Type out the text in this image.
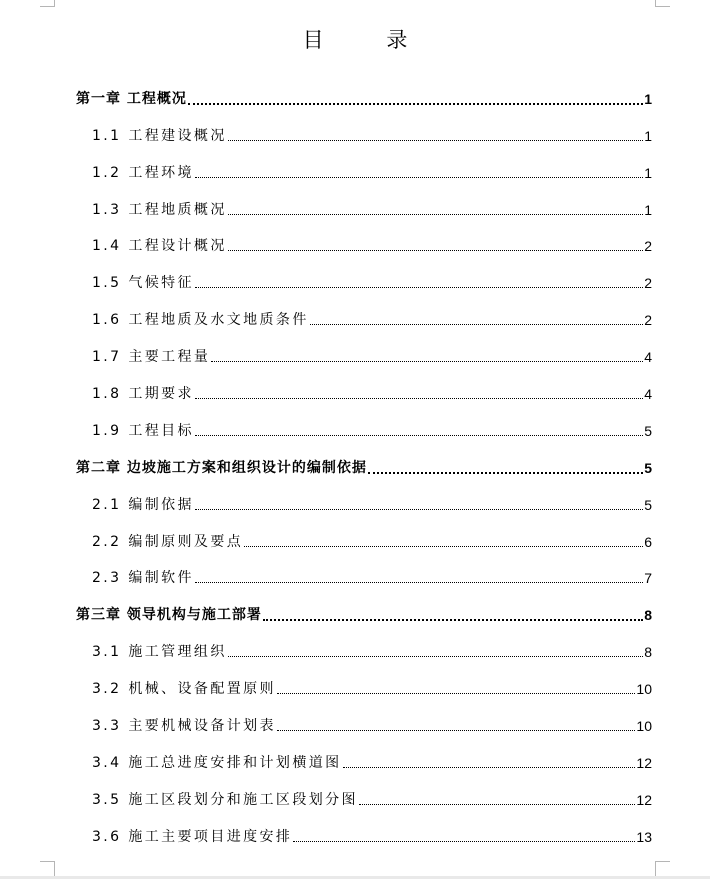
目 录
第一章 工程概况	1
1.1 工程建设概况	1
1.2 工程环境	1
1.3 工程地质概况	1
1.4 工程设计概况	2
1.5 气候特征	2
1.6 工程地质及水文地质条件	2
1.7 主要工程量	4
1.8 工期要求	4
1.9 工程目标	5
第二章 边坡施工方案和组织设计的编制依据	5
2.1 编制依据	5
2.2 编制原则及要点	6
2.3 编制软件	7
第三章 领导机构与施工部署	8
3.1 施工管理组织	8
3.2 机械、设备配置原则	10
3.3 主要机械设备计划表	10
3.4 施工总进度安排和计划横道图	12
3.5 施工区段划分和施工区段划分图	12
3.6 施工主要项目进度安排	13
